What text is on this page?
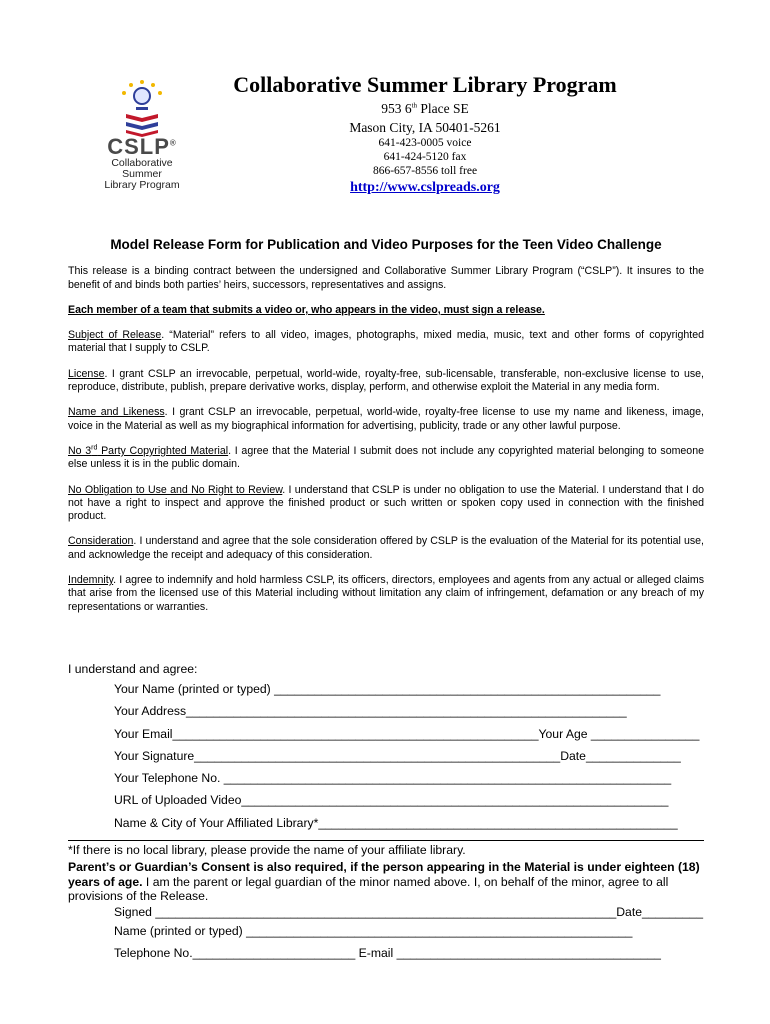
CSLP®
Collaborative Summer
Library Program
Collaborative Summer Library Program
953 6th Place SE
Mason City, IA 50401-5261
641-423-0005 voice
641-424-5120 fax
866-657-8556 toll free
http://www.cslpreads.org
Model Release Form for Publication and Video Purposes for the Teen Video Challenge
This release is a binding contract between the undersigned and Collaborative Summer Library Program (“CSLP”). It insures to the benefit of and binds both parties’ heirs, successors, representatives and assigns.
Each member of a team that submits a video or, who appears in the video, must sign a release.
Subject of Release. “Material” refers to all video, images, photographs, mixed media, music, text and other forms of copyrighted material that I supply to CSLP.
License. I grant CSLP an irrevocable, perpetual, world-wide, royalty-free, sub-licensable, transferable, non-exclusive license to use, reproduce, distribute, publish, prepare derivative works, display, perform, and otherwise exploit the Material in any media form.
Name and Likeness. I grant CSLP an irrevocable, perpetual, world-wide, royalty-free license to use my name and likeness, image, voice in the Material as well as my biographical information for advertising, publicity, trade or any other lawful purpose.
No 3rd Party Copyrighted Material. I agree that the Material I submit does not include any copyrighted material belonging to someone else unless it is in the public domain.
No Obligation to Use and No Right to Review. I understand that CSLP is under no obligation to use the Material. I understand that I do not have a right to inspect and approve the finished product or such written or spoken copy used in connection with the finished product.
Consideration. I understand and agree that the sole consideration offered by CSLP is the evaluation of the Material for its potential use, and acknowledge the receipt and adequacy of this consideration.
Indemnity. I agree to indemnify and hold harmless CSLP, its officers, directors, employees and agents from any actual or alleged claims that arise from the licensed use of this Material including without limitation any claim of infringement, defamation or any breach of my representations or warranties.
I understand and agree:
Your Name (printed or typed) _________________________________________________________
Your Address_________________________________________________________________
Your Email______________________________________________________Your Age ________________
Your Signature______________________________________________________Date______________
Your Telephone No. __________________________________________________________________
URL of Uploaded Video_______________________________________________________________
Name & City of Your Affiliated Library*_____________________________________________________
*If there is no local library, please provide the name of your affiliate library.
Parent’s or Guardian’s Consent is also required, if the person appearing in the Material is under eighteen (18) years of age. I am the parent or legal guardian of the minor named above. I, on behalf of the minor, agree to all provisions of the Release.
Signed ____________________________________________________________________Date_________
Name (printed or typed) _________________________________________________________
Telephone No.________________________ E-mail _______________________________________
